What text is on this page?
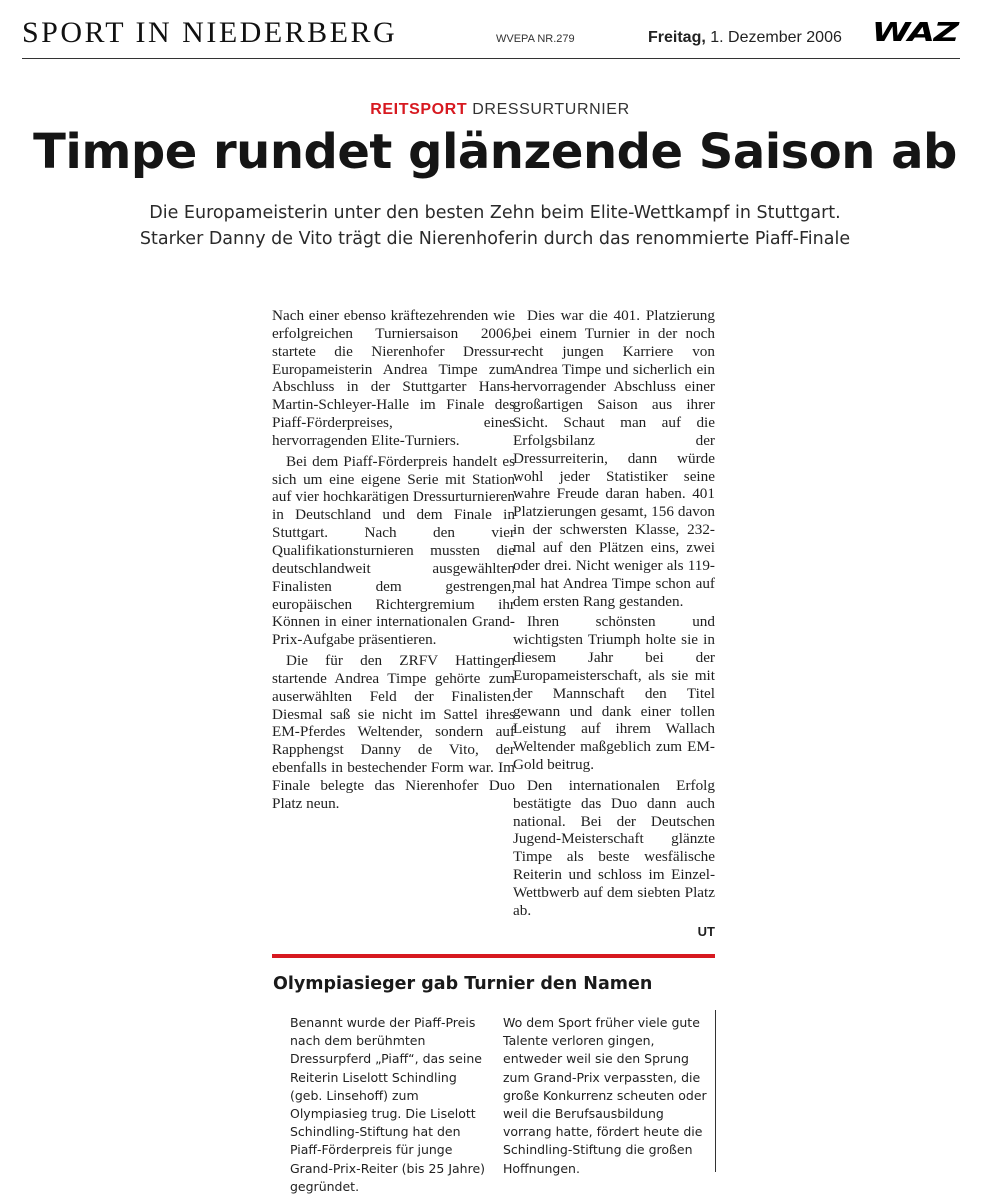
SPORT IN NIEDERBERG	WVEPA NR.279	Freitag, 1. Dezember 2006 WAZ
REITSPORT DRESSURTURNIER
Timpe rundet glänzende Saison ab
Die Europameisterin unter den besten Zehn beim Elite-Wettkampf in Stuttgart.
Starker Danny de Vito trägt die Nierenhoferin durch das renommierte Piaff-Finale

Nach einer ebenso kräftezehrenden wie erfolgreichen Turniersaison 2006, startete die Nierenhofer Dressur-Europameisterin Andrea Timpe zum Abschluss in der Stuttgarter Hans-Martin-Schleyer-Halle im Finale des Piaff-Förderpreises, eines hervorragenden Elite-Turniers.

Bei dem Piaff-Förderpreis handelt es sich um eine eigene Serie mit Station auf vier hochkarätigen Dressurturnieren in Deutschland und dem Finale in Stuttgart. Nach den vier Qualifikationsturnieren mussten die deutschlandweit ausgewählten Finalisten dem gestrengen, europäischen Richtergremium ihr Können in einer internationalen Grand-Prix-Aufgabe präsentieren.

Die für den ZRFV Hattingen startende Andrea Timpe gehörte zum auserwählten Feld der Finalisten. Diesmal saß sie nicht im Sattel ihres EM-Pferdes Weltender, sondern auf Rapphengst Danny de Vito, der ebenfalls in bestechender Form war. Im Finale belegte das Nierenhofer Duo Platz neun.

Dies war die 401. Platzierung bei einem Turnier in der noch recht jungen Karriere von Andrea Timpe und sicherlich ein hervorragender Abschluss einer großartigen Saison aus ihrer Sicht. Schaut man auf die Erfolgsbilanz der Dressurreiterin, dann würde wohl jeder Statistiker seine wahre Freude daran haben. 401 Platzierungen gesamt, 156 davon in der schwersten Klasse, 232-mal auf den Plätzen eins, zwei oder drei. Nicht weniger als 119-mal hat Andrea Timpe schon auf dem ersten Rang gestanden.

Ihren schönsten und wichtigsten Triumph holte sie in diesem Jahr bei der Europameisterschaft, als sie mit der Mannschaft den Titel gewann und dank einer tollen Leistung auf ihrem Wallach Weltender maßgeblich zum EM-Gold beitrug.

Den internationalen Erfolg bestätigte das Duo dann auch national. Bei der Deutschen Jugend-Meisterschaft glänzte Timpe als beste wesfälische Reiterin und schloss im Einzel-Wettbwerb auf dem siebten Platz ab.

UT
Olympiasieger gab Turnier den Namen

Benannt wurde der Piaff-Preis nach dem berühmten Dressurpferd „Piaff“, das seine Reiterin Liselott Schindling (geb. Linsehoff) zum Olympiasieg trug. Die Liselott Schindling-Stiftung hat den Piaff-Förderpreis für junge Grand-Prix-Reiter (bis 25 Jahre) gegründet.

Wo dem Sport früher viele gute Talente verloren gingen, entweder weil sie den Sprung zum Grand-Prix verpassten, die große Konkurrenz scheuten oder weil die Berufsausbildung vorrang hatte, fördert heute die Schindling-Stiftung die großen Hoffnungen.
